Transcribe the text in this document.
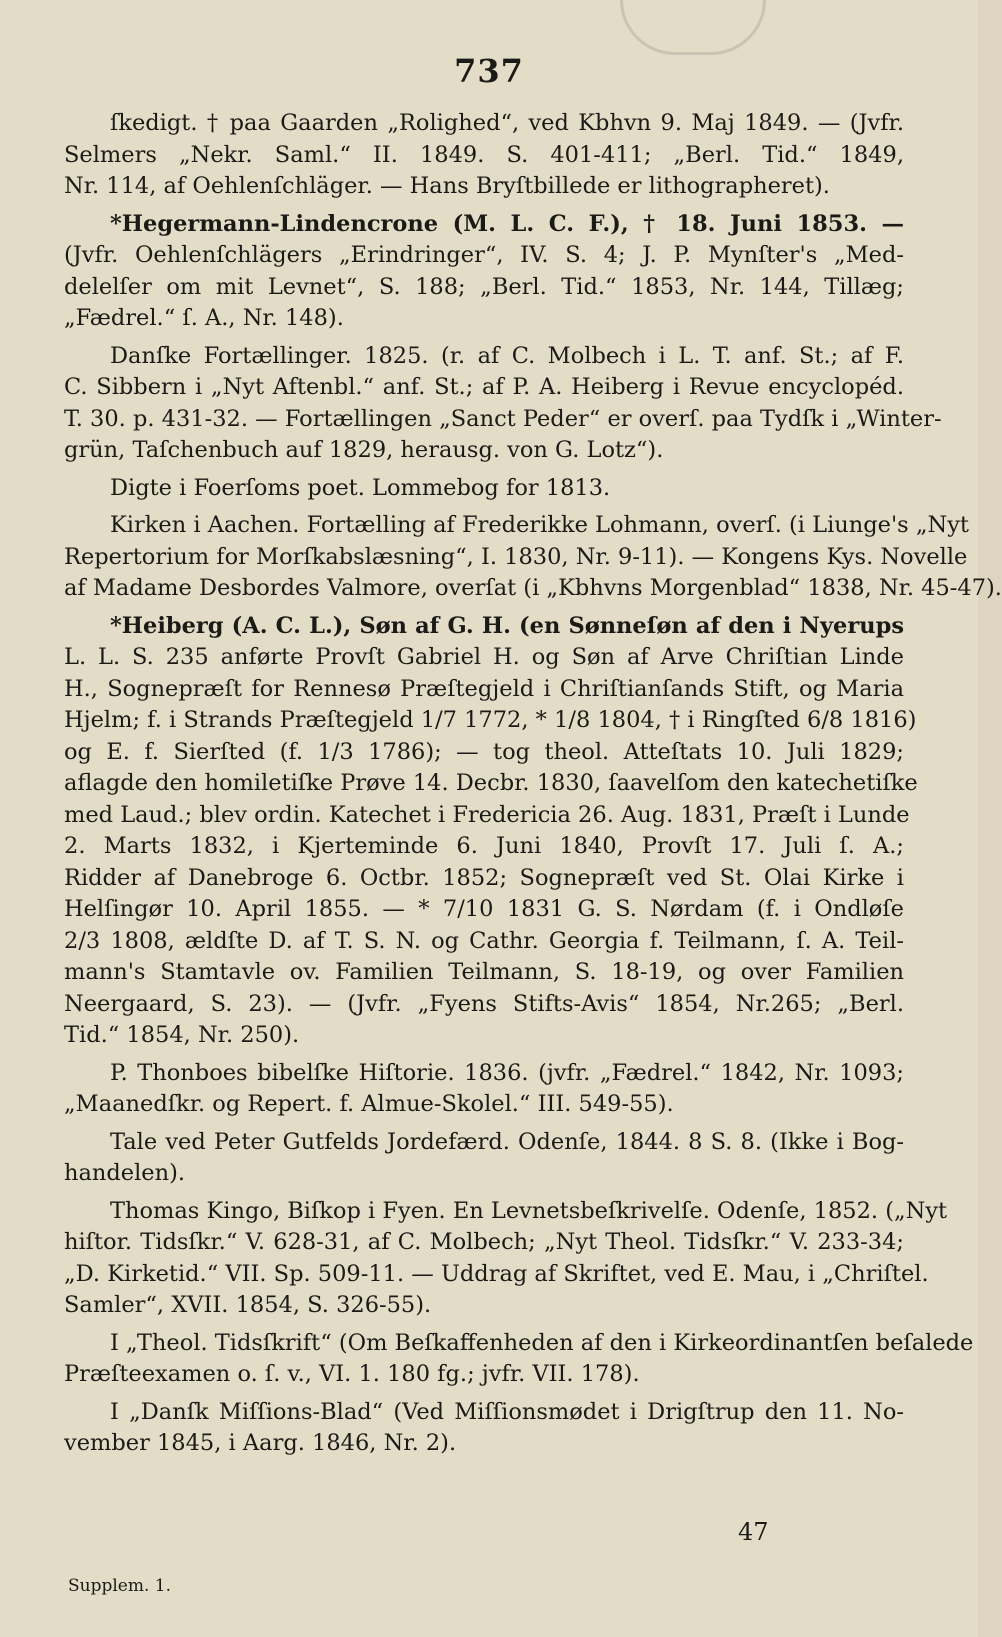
737
ſkedigt. † paa Gaarden „Rolighed“, ved Kbhvn 9. Maj 1849. — (Jvfr.
Selmers „Nekr. Saml.“ II. 1849. S. 401-411; „Berl. Tid.“ 1849,
Nr. 114, af Oehlenſchläger. — Hans Bryſtbillede er lithographeret).
*Hegermann-Lindencrone (M. L. C. F.), † 18. Juni 1853. —
(Jvfr. Oehlenſchlägers „Erindringer“, IV. S. 4; J. P. Mynſter's „Med-
delelſer om mit Levnet“, S. 188; „Berl. Tid.“ 1853, Nr. 144, Tillæg;
„Fædrel.“ ſ. A., Nr. 148).
Danſke Fortællinger. 1825. (r. af C. Molbech i L. T. anf. St.; af F.
C. Sibbern i „Nyt Aftenbl.“ anf. St.; af P. A. Heiberg i Revue encyclopéd.
T. 30. p. 431-32. — Fortællingen „Sanct Peder“ er overſ. paa Tydſk i „Winter-
grün, Taſchenbuch auf 1829, herausg. von G. Lotz“).
Digte i Foerſoms poet. Lommebog for 1813.
Kirken i Aachen. Fortælling af Frederikke Lohmann, overſ. (i Liunge's „Nyt
Repertorium for Morſkabslæsning“, I. 1830, Nr. 9-11). — Kongens Kys. Novelle
af Madame Desbordes Valmore, overſat (i „Kbhvns Morgenblad“ 1838, Nr. 45-47).
*Heiberg (A. C. L.), Søn af G. H. (en Sønneſøn af den i Nyerups
L. L. S. 235 anførte Provſt Gabriel H. og Søn af Arve Chriſtian Linde
H., Sognepræſt for Rennesø Præſtegjeld i Chriſtianſands Stift, og Maria
Hjelm; f. i Strands Præſtegjeld 1/7 1772, * 1/8 1804, † i Ringſted 6/8 1816)
og E. f. Sierſted (f. 1/3 1786); — tog theol. Atteſtats 10. Juli 1829;
aflagde den homiletiſke Prøve 14. Decbr. 1830, ſaavelſom den katechetiſke
med Laud.; blev ordin. Katechet i Fredericia 26. Aug. 1831, Præſt i Lunde
2. Marts 1832, i Kjerteminde 6. Juni 1840, Provſt 17. Juli ſ. A.;
Ridder af Danebroge 6. Octbr. 1852; Sognepræſt ved St. Olai Kirke i
Helſingør 10. April 1855. — * 7/10 1831 G. S. Nørdam (f. i Ondløſe
2/3 1808, ældſte D. af T. S. N. og Cathr. Georgia f. Teilmann, ſ. A. Teil-
mann's Stamtavle ov. Familien Teilmann, S. 18-19, og over Familien
Neergaard, S. 23). — (Jvfr. „Fyens Stifts-Avis“ 1854, Nr.265; „Berl.
Tid.“ 1854, Nr. 250).
P. Thonboes bibelſke Hiſtorie. 1836. (jvfr. „Fædrel.“ 1842, Nr. 1093;
„Maanedſkr. og Repert. f. Almue-Skolel.“ III. 549-55).
Tale ved Peter Gutfelds Jordefærd. Odenſe, 1844. 8 S. 8. (Ikke i Bog-
handelen).
Thomas Kingo, Biſkop i Fyen. En Levnetsbeſkrivelſe. Odenſe, 1852. („Nyt
hiſtor. Tidsſkr.“ V. 628-31, af C. Molbech; „Nyt Theol. Tidsſkr.“ V. 233-34;
„D. Kirketid.“ VII. Sp. 509-11. — Uddrag af Skriftet, ved E. Mau, i „Chriſtel.
Samler“, XVII. 1854, S. 326-55).
I „Theol. Tidsſkrift“ (Om Beſkaffenheden af den i Kirkeordinantſen beſalede
Præſteexamen o. ſ. v., VI. 1. 180 fg.; jvfr. VII. 178).
I „Danſk Miſſions-Blad“ (Ved Miſſionsmødet i Drigſtrup den 11. No-
vember 1845, i Aarg. 1846, Nr. 2).
47
Supplem. 1.
